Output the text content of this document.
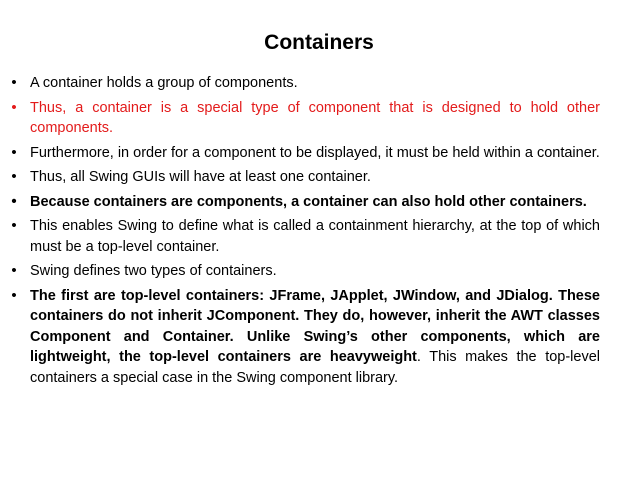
Containers
• A container holds a group of components.
• Thus, a container is a special type of component that is designed to hold other components.
• Furthermore, in order for a component to be displayed, it must be held within a container.
• Thus, all Swing GUIs will have at least one container.
• Because containers are components, a container can also hold other containers.
• This enables Swing to define what is called a containment hierarchy, at the top of which must be a top-level container.
• Swing defines two types of containers.
• The first are top-level containers: JFrame, JApplet, JWindow, and JDialog. These containers do not inherit JComponent. They do, however, inherit the AWT classes Component and Container. Unlike Swing’s other components, which are lightweight, the top-level containers are heavyweight. This makes the top-level containers a special case in the Swing component library.
